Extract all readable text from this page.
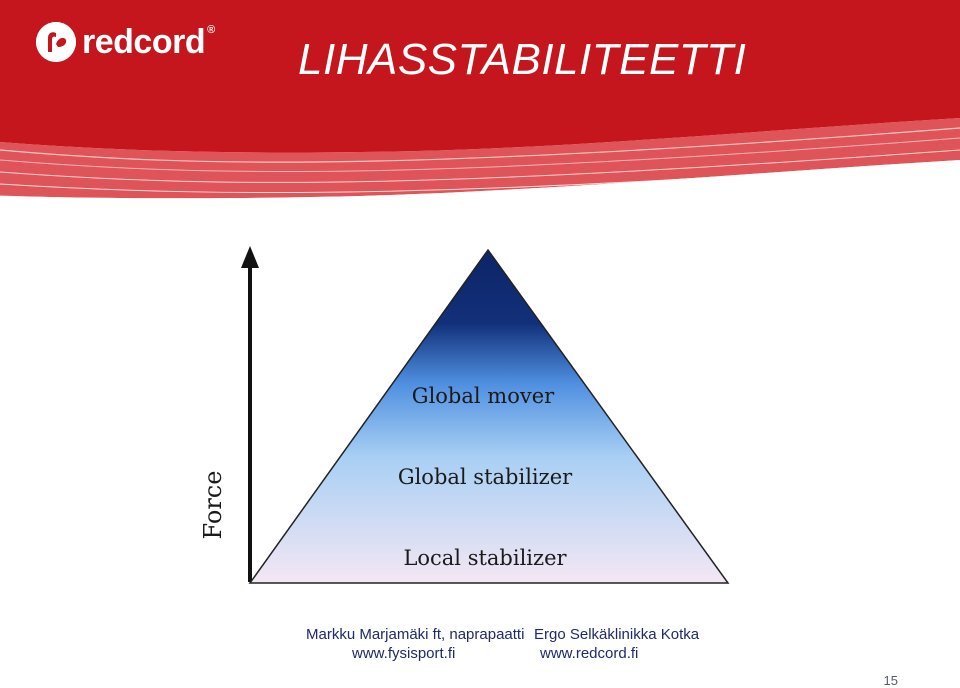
redcord ®
LIHASSTABILITEETTI
Force
Global mover
Global stabilizer
Local stabilizer
Markku Marjamäki ft, naprapaatti Ergo Selkäklinikka Kotka
www.fysisport.fi	www.redcord.fi
15
